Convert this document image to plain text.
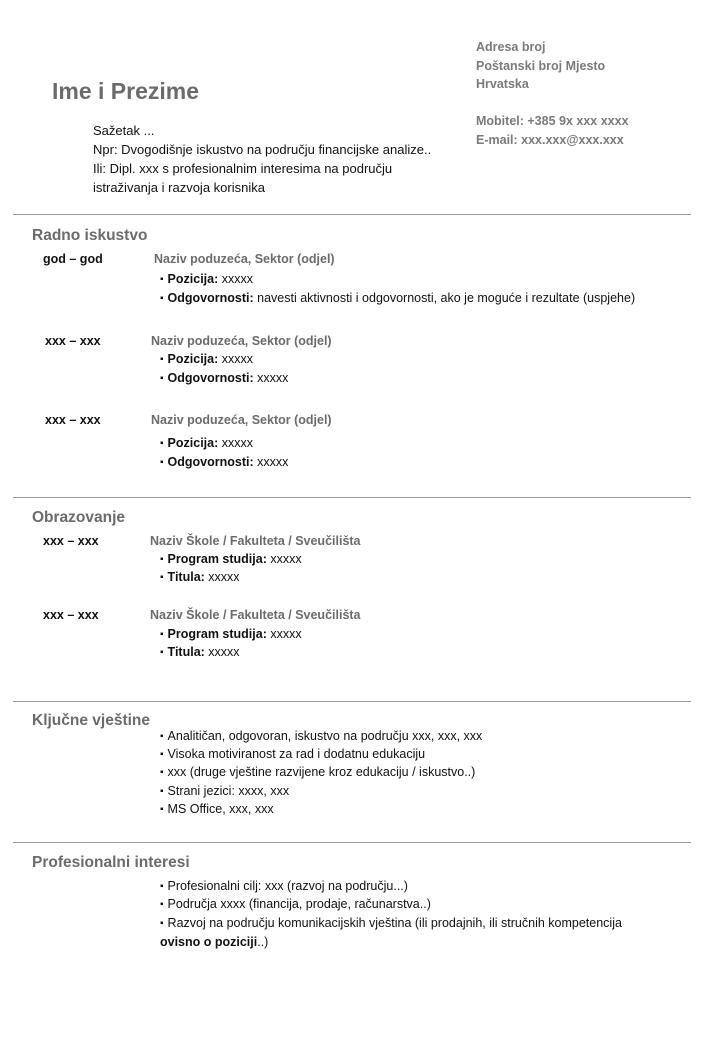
Ime i Prezime
Sažetak ...
Npr: Dvogodišnje iskustvo na području financijske analize..
Ili: Dipl. xxx s profesionalnim interesima na području
istraživanja i razvoja korisnika
Adresa broj
Poštanski broj Mjesto
Hrvatska
Mobitel: +385 9x xxx xxxx
E-mail: xxx.xxx@xxx.xxx
Radno iskustvo
god – god	Naziv poduzeća, Sektor (odjel)
▪ Pozicija: xxxxx
▪ Odgovornosti: navesti aktivnosti i odgovornosti, ako je moguće i rezultate (uspjehe)
xxx – xxx	Naziv poduzeća, Sektor (odjel)
▪ Pozicija: xxxxx
▪ Odgovornosti: xxxxx
xxx – xxx	Naziv poduzeća, Sektor (odjel)
▪ Pozicija: xxxxx
▪ Odgovornosti: xxxxx
Obrazovanje
xxx – xxx	Naziv Škole / Fakulteta / Sveučilišta
▪ Program studija: xxxxx
▪ Titula: xxxxx
xxx – xxx	Naziv Škole / Fakulteta / Sveučilišta
▪ Program studija: xxxxx
▪ Titula: xxxxx
Ključne vještine
▪ Analitičan, odgovoran, iskustvo na području xxx, xxx, xxx
▪ Visoka motiviranost za rad i dodatnu edukaciju
▪ xxx (druge vještine razvijene kroz edukaciju / iskustvo..)
▪ Strani jezici: xxxx, xxx
▪ MS Office, xxx, xxx
Profesionalni interesi
▪ Profesionalni cilj: xxx (razvoj na području...)
▪ Područja xxxx (financija, prodaje, računarstva..)
▪ Razvoj na području komunikacijskih vještina (ili prodajnih, ili stručnih kompetencija
ovisno o poziciji..)
